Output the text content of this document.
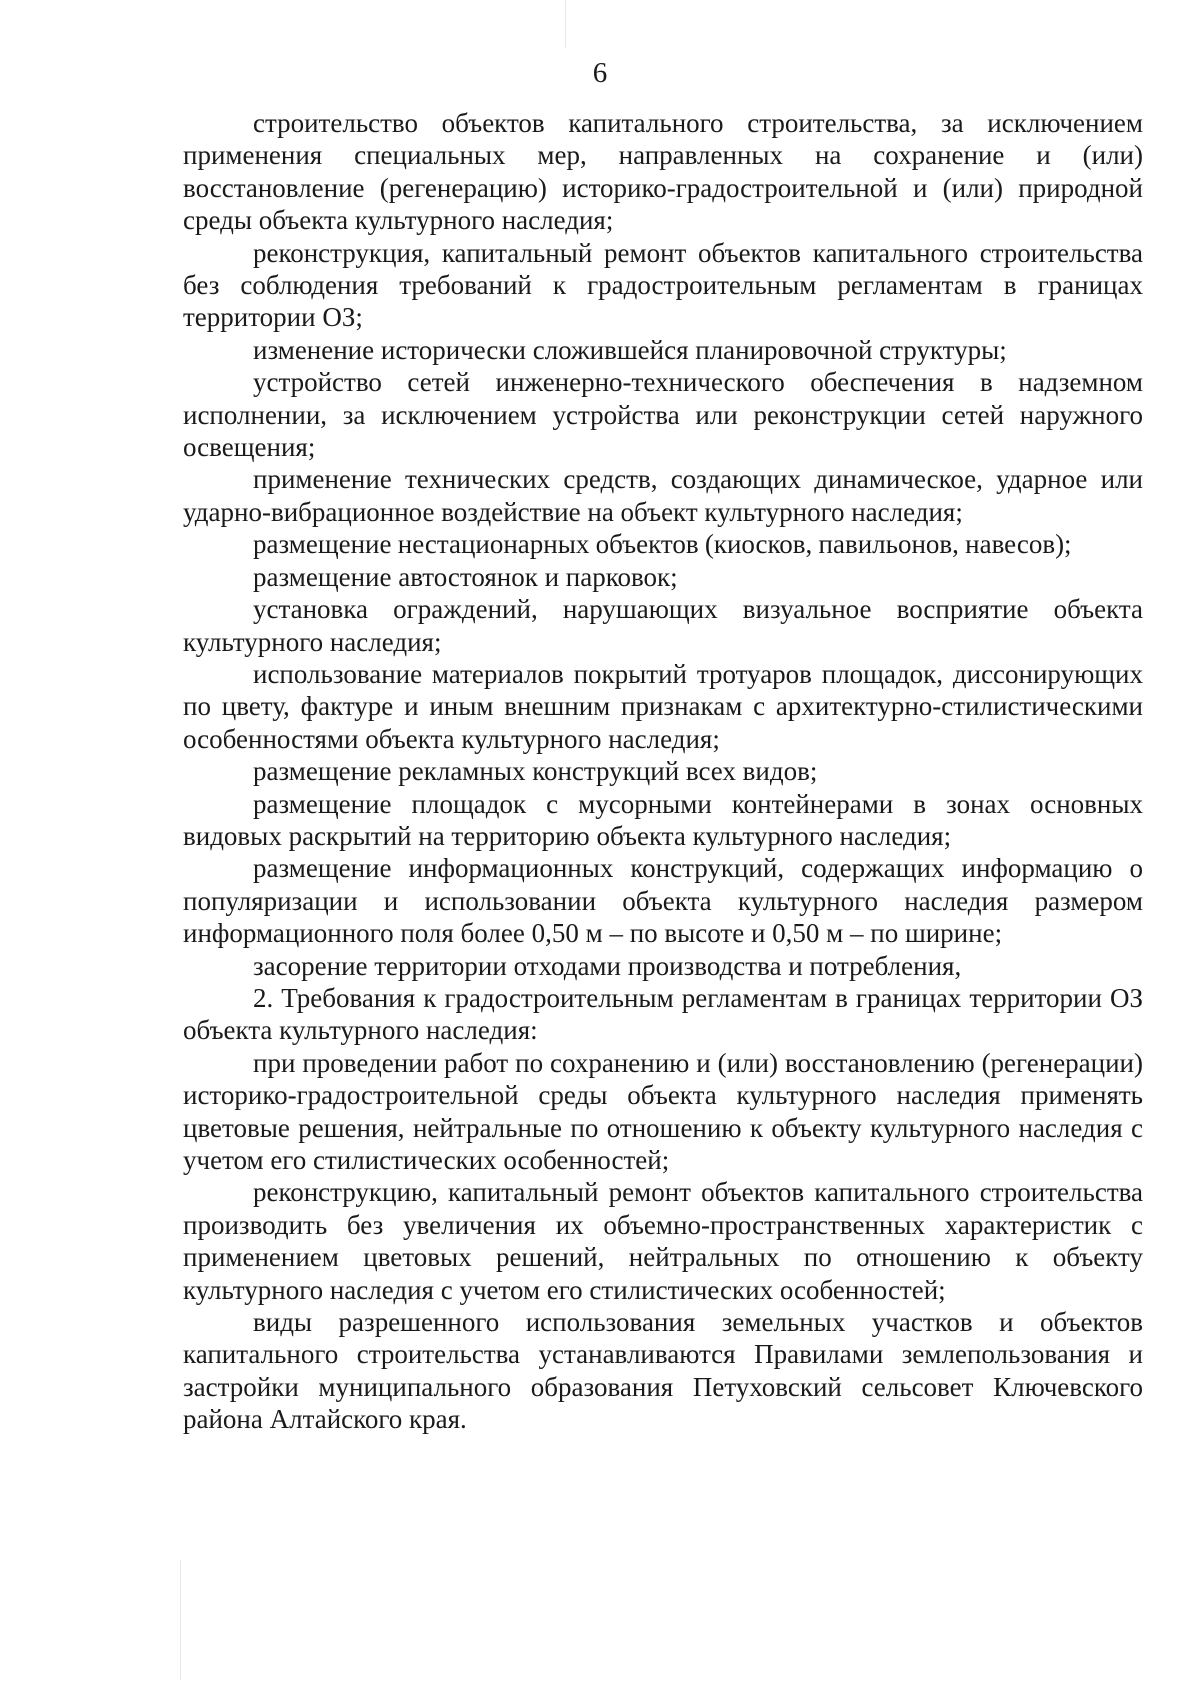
6

строительство объектов капитального строительства, за исключением применения специальных мер, направленных на сохранение и (или) восстановление (регенерацию) историко-градостроительной и (или) природной среды объекта культурного наследия;

реконструкция, капитальный ремонт объектов капитального строительства без соблюдения требований к градостроительным регламентам в границах территории ОЗ;

изменение исторически сложившейся планировочной структуры;

устройство сетей инженерно-технического обеспечения в надземном исполнении, за исключением устройства или реконструкции сетей наружного освещения;

применение технических средств, создающих динамическое, ударное или ударно-вибрационное воздействие на объект культурного наследия;

размещение нестационарных объектов (киосков, павильонов, навесов);

размещение автостоянок и парковок;

установка ограждений, нарушающих визуальное восприятие объекта культурного наследия;

использование материалов покрытий тротуаров площадок, диссонирующих по цвету, фактуре и иным внешним признакам с архитектурно-стилистическими особенностями объекта культурного наследия;

размещение рекламных конструкций всех видов;

размещение площадок с мусорными контейнерами в зонах основных видовых раскрытий на территорию объекта культурного наследия;

размещение информационных конструкций, содержащих информацию о популяризации и использовании объекта культурного наследия размером информационного поля более 0,50 м – по высоте и 0,50 м – по ширине;

засорение территории отходами производства и потребления,

2. Требования к градостроительным регламентам в границах территории ОЗ объекта культурного наследия:

при проведении работ по сохранению и (или) восстановлению (регенерации) историко-градостроительной среды объекта культурного наследия применять цветовые решения, нейтральные по отношению к объекту культурного наследия с учетом его стилистических особенностей;

реконструкцию, капитальный ремонт объектов капитального строительства производить без увеличения их объемно-пространственных характеристик с применением цветовых решений, нейтральных по отношению к объекту культурного наследия с учетом его стилистических особенностей;

виды разрешенного использования земельных участков и объектов капитального строительства устанавливаются Правилами землепользования и застройки муниципального образования Петуховский сельсовет Ключевского района Алтайского края.
